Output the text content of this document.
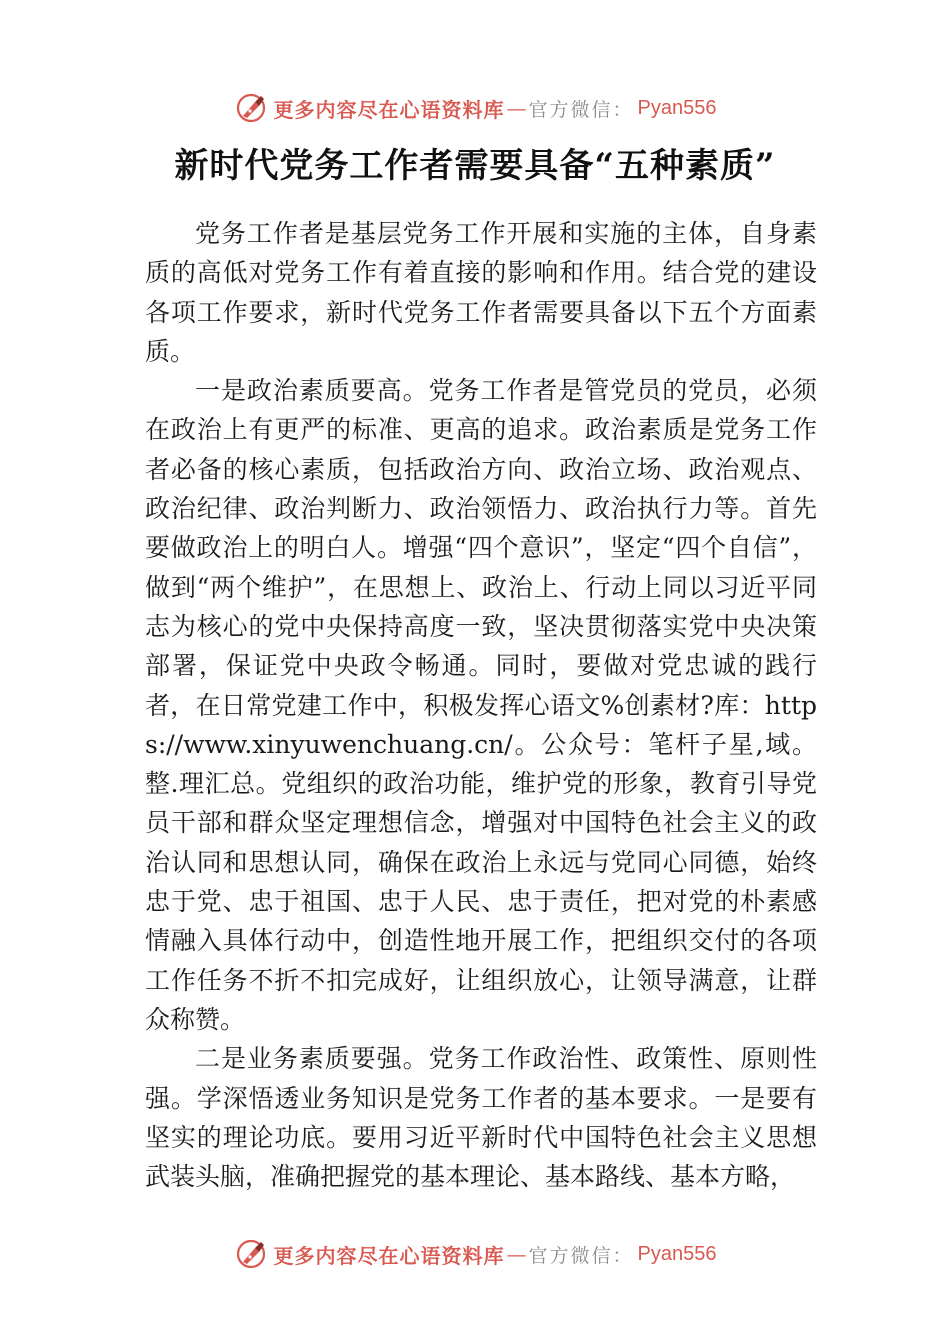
更多内容尽在心语资料库 — 官方微信： Pyan556
新时代党务工作者需要具备“五种素质”

党务工作者是基层党务工作开展和实施的主体，自身素质的高低对党务工作有着直接的影响和作用。结合党的建设各项工作要求，新时代党务工作者需要具备以下五个方面素质。

一是政治素质要高。党务工作者是管党员的党员，必须在政治上有更严的标准、更高的追求。政治素质是党务工作者必备的核心素质，包括政治方向、政治立场、政治观点、政治纪律、政治判断力、政治领悟力、政治执行力等。首先要做政治上的明白人。增强“四个意识”，坚定“四个自信”， 做到“两个维护”，在思想上、政治上、行动上同以习近平同志为核心的党中央保持高度一致，坚决贯彻落实党中央决策部署，保证党中央政令畅通。同时，要做对党忠诚的践行者，在日常党建工作中，积极发挥心语文%创素材?库：https://www.xinyuwenchuang.cn/。公众号：笔杆子星,域。整.理汇总。党组织的政治功能，维护党的形象，教育引导党员干部和群众坚定理想信念，增强对中国特色社会主义的政治认同和思想认同，确保在政治上永远与党同心同德，始终忠于党、忠于祖国、忠于人民、忠于责任，把对党的朴素感情融入具体行动中，创造性地开展工作，把组织交付的各项工作任务不折不扣完成好，让组织放心，让领导满意，让群众称赞。

二是业务素质要强。党务工作政治性、政策性、原则性强。学深悟透业务知识是党务工作者的基本要求。一是要有坚实的理论功底。要用习近平新时代中国特色社会主义思想武装头脑，准确把握党的基本理论、基本路线、基本方略，

更多内容尽在心语资料库 — 官方微信： Pyan556
